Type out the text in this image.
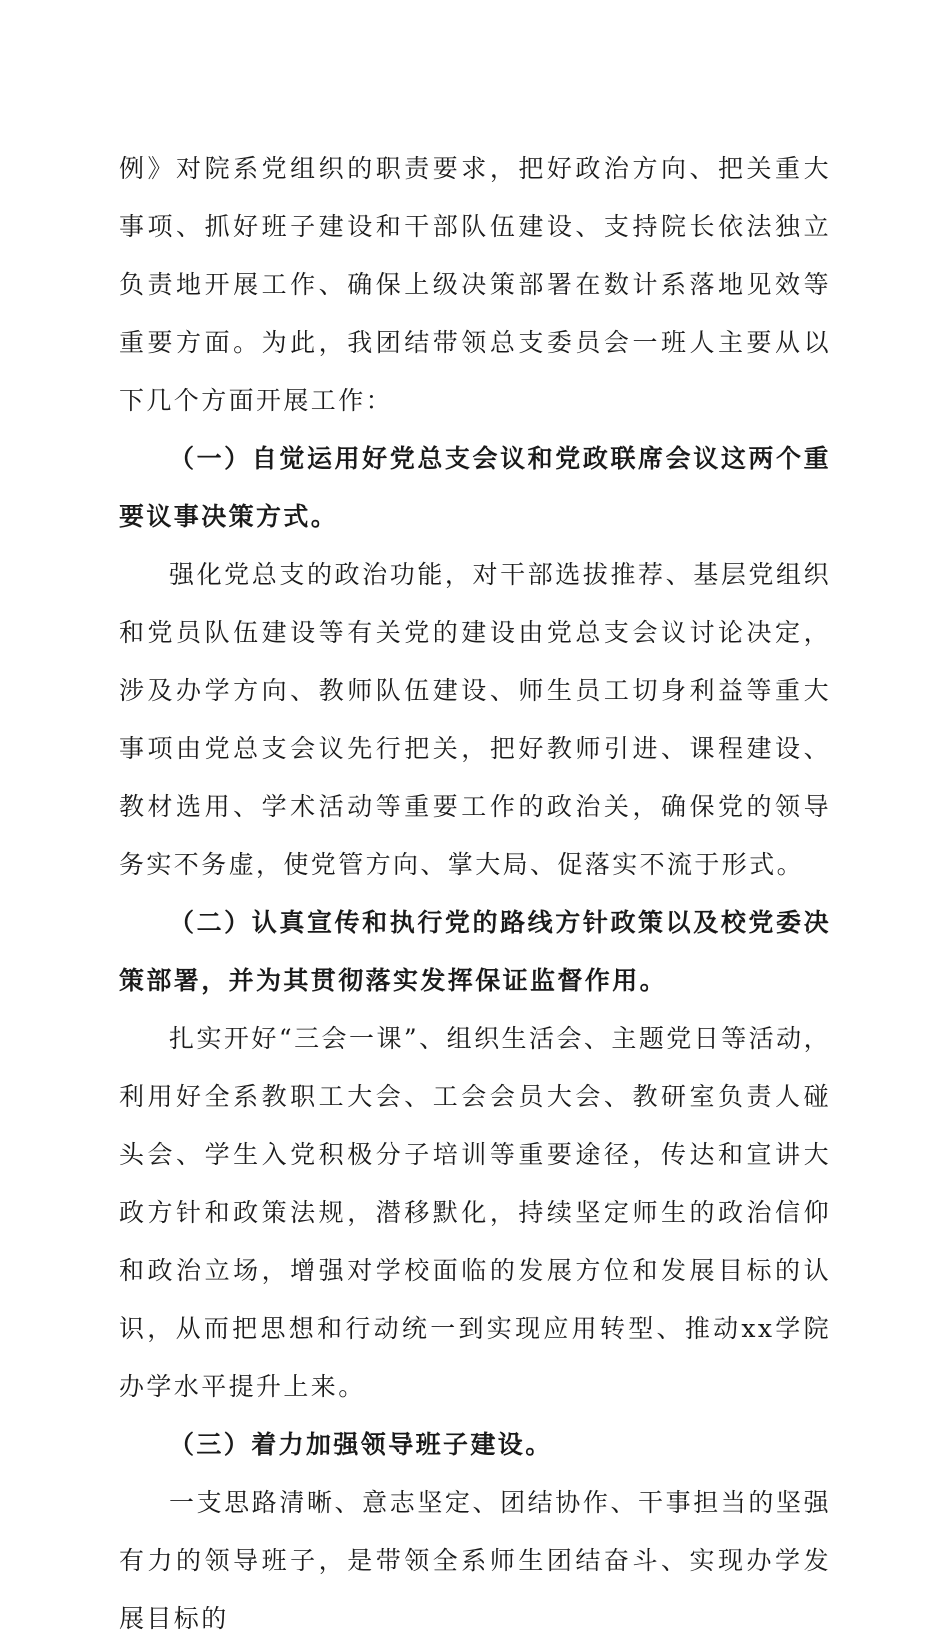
例》对院系党组织的职责要求，把好政治方向、把关重大事项、抓好班子建设和干部队伍建设、支持院长依法独立负责地开展工作、确保上级决策部署在数计系落地见效等重要方面。为此，我团结带领总支委员会一班人主要从以下几个方面开展工作：

（一）自觉运用好党总支会议和党政联席会议这两个重要议事决策方式。

强化党总支的政治功能，对干部选拔推荐、基层党组织和党员队伍建设等有关党的建设由党总支会议讨论决定，涉及办学方向、教师队伍建设、师生员工切身利益等重大事项由党总支会议先行把关，把好教师引进、课程建设、教材选用、学术活动等重要工作的政治关，确保党的领导务实不务虚，使党管方向、掌大局、促落实不流于形式。

（二）认真宣传和执行党的路线方针政策以及校党委决策部署，并为其贯彻落实发挥保证监督作用。

扎实开好“三会一课”、组织生活会、主题党日等活动，利用好全系教职工大会、工会会员大会、教研室负责人碰头会、学生入党积极分子培训等重要途径，传达和宣讲大政方针和政策法规，潜移默化，持续坚定师生的政治信仰和政治立场，增强对学校面临的发展方位和发展目标的认识，从而把思想和行动统一到实现应用转型、推动xx学院办学水平提升上来。

（三）着力加强领导班子建设。

一支思路清晰、意志坚定、团结协作、干事担当的坚强有力的领导班子，是带领全系师生团结奋斗、实现办学发展目标的
